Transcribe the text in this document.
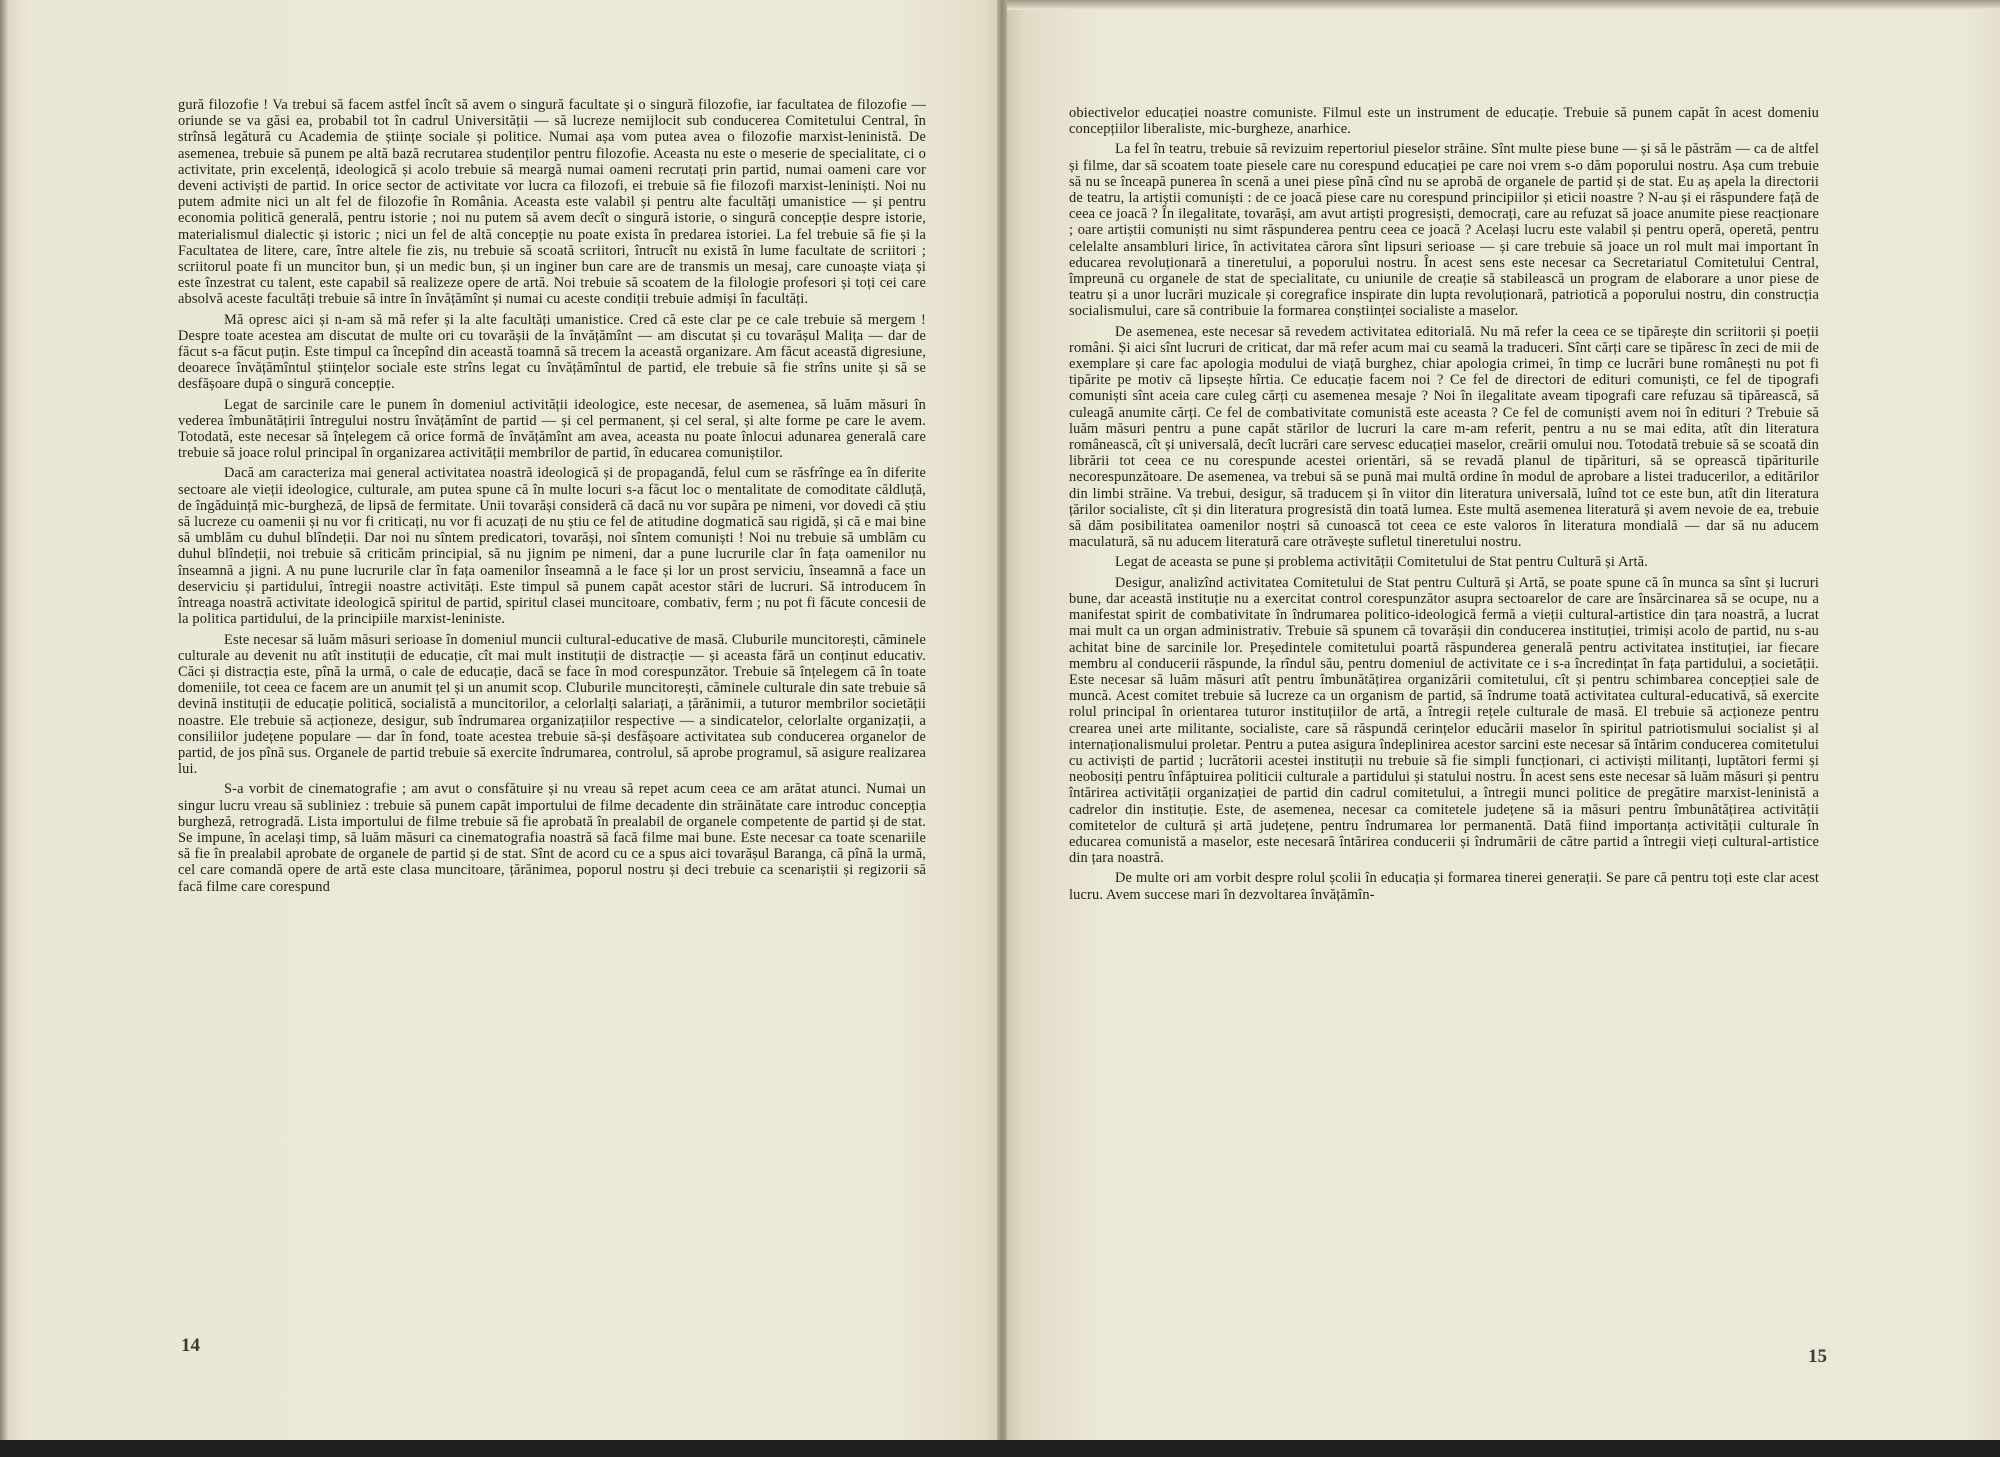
gură filozofie ! Va trebui să facem astfel încît să avem o singură facultate și o singură filozofie, iar facultatea de filozofie — oriunde se va găsi ea, probabil tot în cadrul Universității — să lucreze nemijlocit sub conducerea Comitetului Central, în strînsă legătură cu Academia de științe sociale și politice. Numai așa vom putea avea o filozofie marxist-leninistă. De asemenea, trebuie să punem pe altă bază recrutarea studenților pentru filozofie. Aceasta nu este o meserie de specialitate, ci o activitate, prin excelență, ideologică și acolo trebuie să meargă numai oameni recrutați prin partid, numai oameni care vor deveni activiști de partid. In orice sector de activitate vor lucra ca filozofi, ei trebuie să fie filozofi marxist-leniniști. Noi nu putem admite nici un alt fel de filozofie în România. Aceasta este valabil și pentru alte facultăți umanistice — și pentru economia politică generală, pentru istorie ; noi nu putem să avem decît o singură istorie, o singură concepție despre istorie, materialismul dialectic și istoric ; nici un fel de altă concepție nu poate exista în predarea istoriei. La fel trebuie să fie și la Facultatea de litere, care, între altele fie zis, nu trebuie să scoată scriitori, întrucît nu există în lume facultate de scriitori ; scriitorul poate fi un muncitor bun, și un medic bun, și un inginer bun care are de transmis un mesaj, care cunoaște viața și este înzestrat cu talent, este capabil să realizeze opere de artă. Noi trebuie să scoatem de la filologie profesori și toți cei care absolvă aceste facultăți trebuie să intre în învățămînt și numai cu aceste condiții trebuie admiși în facultăți.

Mă opresc aici și n-am să mă refer și la alte facultăți umanistice. Cred că este clar pe ce cale trebuie să mergem ! Despre toate acestea am discutat de multe ori cu tovarășii de la învățămînt — am discutat și cu tovarășul Malița — dar de făcut s-a făcut puțin. Este timpul ca începînd din această toamnă să trecem la această organizare. Am făcut această digresiune, deoarece învățămîntul științelor sociale este strîns legat cu învățămîntul de partid, ele trebuie să fie strîns unite și să se desfășoare după o singură concepție.

Legat de sarcinile care le punem în domeniul activității ideologice, este necesar, de asemenea, să luăm măsuri în vederea îmbunătățirii întregului nostru învățămînt de partid — și cel permanent, și cel seral, și alte forme pe care le avem. Totodată, este necesar să înțelegem că orice formă de învățămînt am avea, aceasta nu poate înlocui adunarea generală care trebuie să joace rolul principal în organizarea activității membrilor de partid, în educarea comuniștilor.

Dacă am caracteriza mai general activitatea noastră ideologică și de propagandă, felul cum se răsfrînge ea în diferite sectoare ale vieții ideologice, culturale, am putea spune că în multe locuri s-a făcut loc o mentalitate de comoditate căldluță, de îngăduință mic-burgheză, de lipsă de fermitate. Unii tovarăși consideră că dacă nu vor supăra pe nimeni, vor dovedi că știu să lucreze cu oamenii și nu vor fi criticați, nu vor fi acuzați de nu știu ce fel de atitudine dogmatică sau rigidă, și că e mai bine să umblăm cu duhul blîndeții. Dar noi nu sîntem predicatori, tovarăși, noi sîntem comuniști ! Noi nu trebuie să umblăm cu duhul blîndeții, noi trebuie să criticăm principial, să nu jignim pe nimeni, dar a pune lucrurile clar în fața oamenilor nu înseamnă a jigni. A nu pune lucrurile clar în fața oamenilor înseamnă a le face și lor un prost serviciu, înseamnă a face un deserviciu și partidului, întregii noastre activități. Este timpul să punem capăt acestor stări de lucruri. Să introducem în întreaga noastră activitate ideologică spiritul de partid, spiritul clasei muncitoare, combativ, ferm ; nu pot fi făcute concesii de la politica partidului, de la principiile marxist-leniniste.

Este necesar să luăm măsuri serioase în domeniul muncii cultural-educative de masă. Cluburile muncitorești, căminele culturale au devenit nu atît instituții de educație, cît mai mult instituții de distracție — și aceasta fără un conținut educativ. Căci și distracția este, pînă la urmă, o cale de educație, dacă se face în mod corespunzător. Trebuie să înțelegem că în toate domeniile, tot ceea ce facem are un anumit țel și un anumit scop. Cluburile muncitorești, căminele culturale din sate trebuie să devină instituții de educație politică, socialistă a muncitorilor, a celorlalți salariați, a țărănimii, a tuturor membrilor societății noastre. Ele trebuie să acționeze, desigur, sub îndrumarea organizațiilor respective — a sindicatelor, celorlalte organizații, a consiliilor județene populare — dar în fond, toate acestea trebuie să-și desfășoare activitatea sub conducerea organelor de partid, de jos pînă sus. Organele de partid trebuie să exercite îndrumarea, controlul, să aprobe programul, să asigure realizarea lui.

S-a vorbit de cinematografie ; am avut o consfătuire și nu vreau să repet acum ceea ce am arătat atunci. Numai un singur lucru vreau să subliniez : trebuie să punem capăt importului de filme decadente din străinătate care introduc concepția burgheză, retrogradă. Lista importului de filme trebuie să fie aprobată în prealabil de organele competente de partid și de stat. Se impune, în același timp, să luăm măsuri ca cinematografia noastră să facă filme mai bune. Este necesar ca toate scenariile să fie în prealabil aprobate de organele de partid și de stat. Sînt de acord cu ce a spus aici tovarășul Baranga, că pînă la urmă, cel care comandă opere de artă este clasa muncitoare, țărănimea, poporul nostru și deci trebuie ca scenariștii și regizorii să facă filme care corespund

14

obiectivelor educației noastre comuniste. Filmul este un instrument de educație. Trebuie să punem capăt în acest domeniu concepțiilor liberaliste, mic-burgheze, anarhice.

La fel în teatru, trebuie să revizuim repertoriul pieselor străine. Sînt multe piese bune — și să le păstrăm — ca de altfel și filme, dar să scoatem toate piesele care nu corespund educației pe care noi vrem s-o dăm poporului nostru. Așa cum trebuie să nu se înceapă punerea în scenă a unei piese pînă cînd nu se aprobă de organele de partid și de stat. Eu aș apela la directorii de teatru, la artiștii comuniști : de ce joacă piese care nu corespund principiilor și eticii noastre ? N-au și ei răspundere față de ceea ce joacă ? În ilegalitate, tovarăși, am avut artiști progresiști, democrați, care au refuzat să joace anumite piese reacționare ; oare artiștii comuniști nu simt răspunderea pentru ceea ce joacă ? Același lucru este valabil și pentru operă, operetă, pentru celelalte ansambluri lirice, în activitatea cărora sînt lipsuri serioase — și care trebuie să joace un rol mult mai important în educarea revoluționară a tineretului, a poporului nostru. În acest sens este necesar ca Secretariatul Comitetului Central, împreună cu organele de stat de specialitate, cu uniunile de creație să stabilească un program de elaborare a unor piese de teatru și a unor lucrări muzicale și coregrafice inspirate din lupta revoluționară, patriotică a poporului nostru, din construcția socialismului, care să contribuie la formarea conștiinței socialiste a maselor.

De asemenea, este necesar să revedem activitatea editorială. Nu mă refer la ceea ce se tipărește din scriitorii și poeții români. Și aici sînt lucruri de criticat, dar mă refer acum mai cu seamă la traduceri. Sînt cărți care se tipăresc în zeci de mii de exemplare și care fac apologia modului de viață burghez, chiar apologia crimei, în timp ce lucrări bune românești nu pot fi tipărite pe motiv că lipsește hîrtia. Ce educație facem noi ? Ce fel de directori de edituri comuniști, ce fel de tipografi comuniști sînt aceia care culeg cărți cu asemenea mesaje ? Noi în ilegalitate aveam tipografi care refuzau să tipărească, să culeagă anumite cărți. Ce fel de combativitate comunistă este aceasta ? Ce fel de comuniști avem noi în edituri ? Trebuie să luăm măsuri pentru a pune capăt stărilor de lucruri la care m-am referit, pentru a nu se mai edita, atît din literatura românească, cît și universală, decît lucrări care servesc educației maselor, creării omului nou. Totodată trebuie să se scoată din librării tot ceea ce nu corespunde acestei orientări, să se revadă planul de tipărituri, să se oprească tipăriturile necorespunzătoare. De asemenea, va trebui să se pună mai multă ordine în modul de aprobare a listei traducerilor, a editărilor din limbi străine. Va trebui, desigur, să traducem și în viitor din literatura universală, luînd tot ce este bun, atît din literatura țărilor socialiste, cît și din literatura progresistă din toată lumea. Este multă asemenea literatură și avem nevoie de ea, trebuie să dăm posibilitatea oamenilor noștri să cunoască tot ceea ce este valoros în literatura mondială — dar să nu aducem maculatură, să nu aducem literatură care otrăvește sufletul tineretului nostru.

Legat de aceasta se pune și problema activității Comitetului de Stat pentru Cultură și Artă.

Desigur, analizînd activitatea Comitetului de Stat pentru Cultură și Artă, se poate spune că în munca sa sînt și lucruri bune, dar această instituție nu a exercitat control corespunzător asupra sectoarelor de care are însărcinarea să se ocupe, nu a manifestat spirit de combativitate în îndrumarea politico-ideologică fermă a vieții cultural-artistice din țara noastră, a lucrat mai mult ca un organ administrativ. Trebuie să spunem că tovarășii din conducerea instituției, trimiși acolo de partid, nu s-au achitat bine de sarcinile lor. Președintele comitetului poartă răspunderea generală pentru activitatea instituției, iar fiecare membru al conducerii răspunde, la rîndul său, pentru domeniul de activitate ce i s-a încredințat în fața partidului, a societății. Este necesar să luăm măsuri atît pentru îmbunătățirea organizării comitetului, cît și pentru schimbarea concepției sale de muncă. Acest comitet trebuie să lucreze ca un organism de partid, să îndrume toată activitatea cultural-educativă, să exercite rolul principal în orientarea tuturor instituțiilor de artă, a întregii rețele culturale de masă. El trebuie să acționeze pentru crearea unei arte militante, socialiste, care să răspundă cerințelor educării maselor în spiritul patriotismului socialist și al internaționalismului proletar. Pentru a putea asigura îndeplinirea acestor sarcini este necesar să întărim conducerea comitetului cu activiști de partid ; lucrătorii acestei instituții nu trebuie să fie simpli funcționari, ci activiști militanți, luptători fermi și neobosiți pentru înfăptuirea politicii culturale a partidului și statului nostru. În acest sens este necesar să luăm măsuri și pentru întărirea activității organizației de partid din cadrul comitetului, a întregii munci politice de pregătire marxist-leninistă a cadrelor din instituție. Este, de asemenea, necesar ca comitetele județene să ia măsuri pentru îmbunătățirea activității comitetelor de cultură și artă județene, pentru îndrumarea lor permanentă. Dată fiind importanța activității culturale în educarea comunistă a maselor, este necesară întărirea conducerii și îndrumării de către partid a întregii vieți cultural-artistice din țara noastră.

De multe ori am vorbit despre rolul școlii în educația și formarea tinerei generații. Se pare că pentru toți este clar acest lucru. Avem succese mari în dezvoltarea învățămîn-

15
